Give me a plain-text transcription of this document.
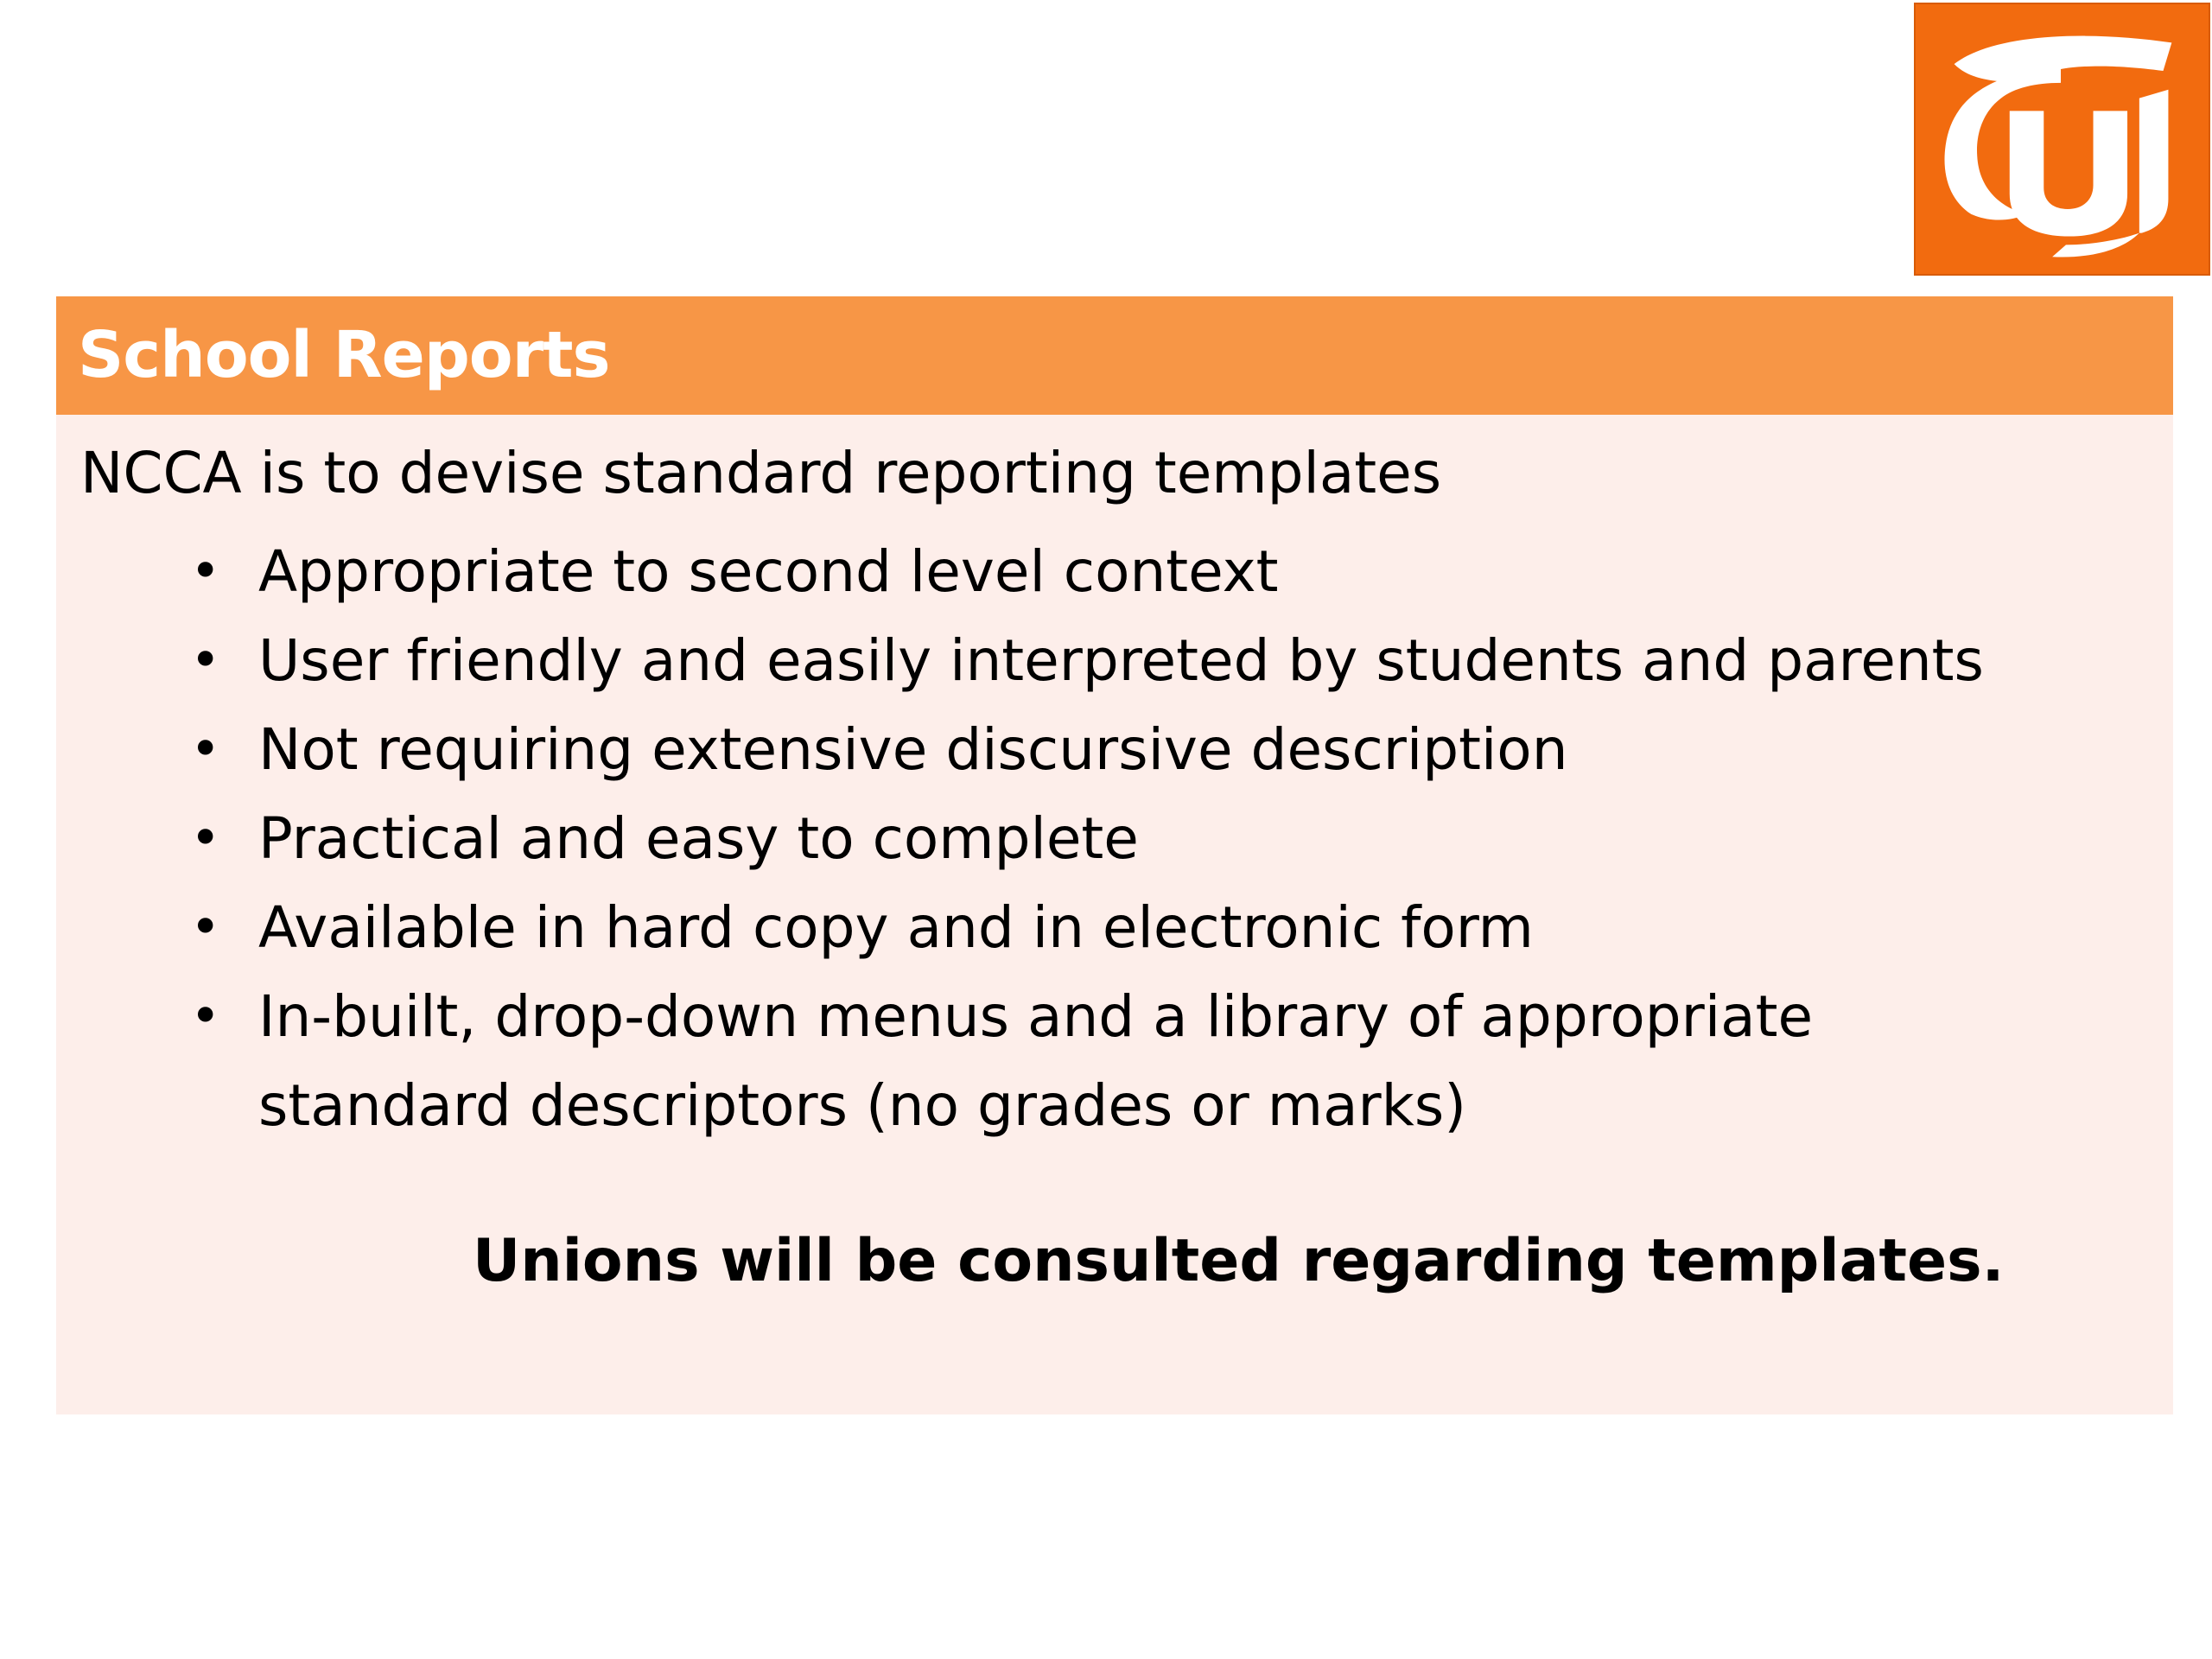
School Reports
NCCA is to devise standard reporting templates
• Appropriate to second level context
• User friendly and easily interpreted by students and parents
• Not requiring extensive discursive description
• Practical and easy to complete
• Available in hard copy and in electronic form
• In-built, drop-down menus and a library of appropriate standard descriptors (no grades or marks)
Unions will be consulted regarding templates.
